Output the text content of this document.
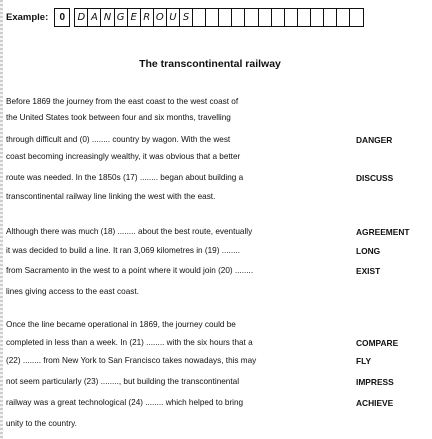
Example:	0	D A N G E R O U S
The transcontinental railway
Before 1869 the journey from the east coast to the west coast of
the United States took between four and six months, travelling
through difficult and (0) ........ country by wagon. With the west
coast becoming increasingly wealthy, it was obvious that a better
route was needed. In the 1850s (17) ........ began about building a
transcontinental railway line linking the west with the east.
Although there was much (18) ........ about the best route, eventually
it was decided to build a line. It ran 3,069 kilometres in (19) ........
from Sacramento in the west to a point where it would join (20) ........
lines giving access to the east coast.
Once the line became operational in 1869, the journey could be
completed in less than a week. In (21) ........ with the six hours that a
(22) ........ from New York to San Francisco takes nowadays, this may
not seem particularly (23) ........, but building the transcontinental
railway was a great technological (24) ........ which helped to bring
unity to the country.
DANGER
DISCUSS
AGREEMENT
LONG
EXIST
COMPARE
FLY
IMPRESS
ACHIEVE
